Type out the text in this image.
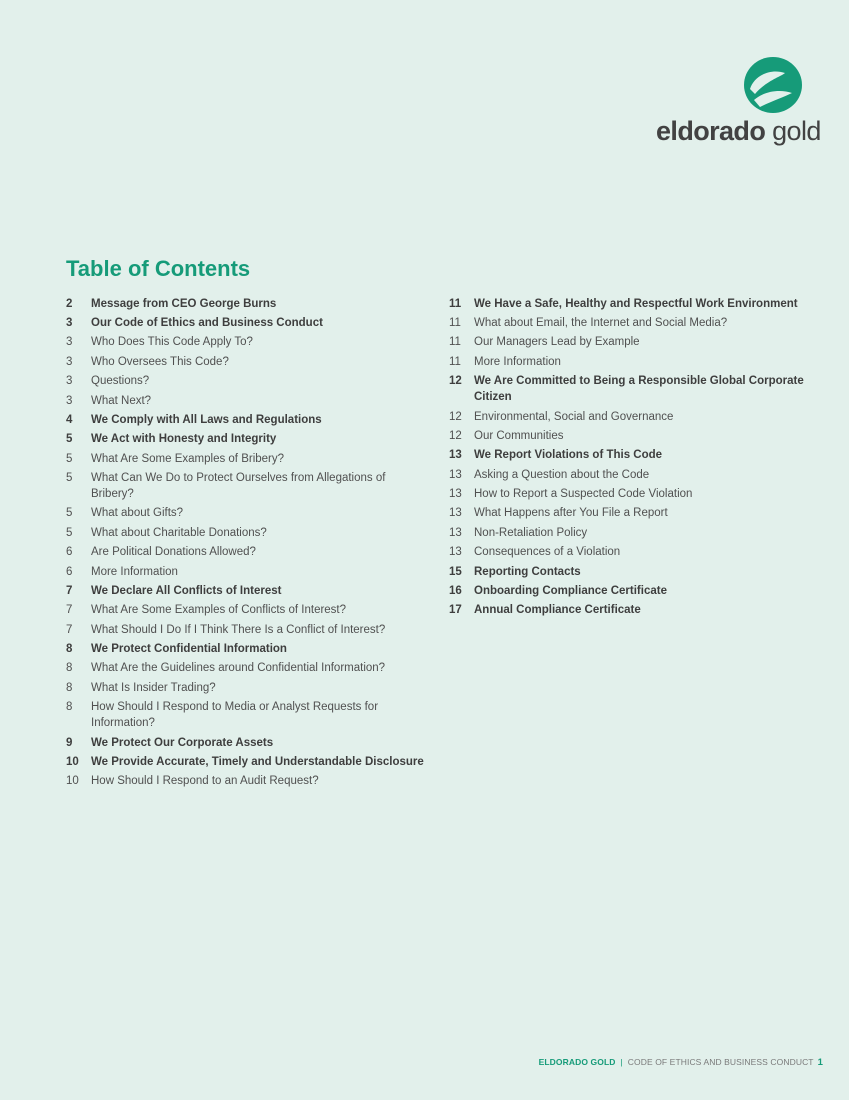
eldorado gold
Table of Contents
2	Message from CEO George Burns
3	Our Code of Ethics and Business Conduct
3	Who Does This Code Apply To?
3	Who Oversees This Code?
3	Questions?
3	What Next?
4	We Comply with All Laws and Regulations
5	We Act with Honesty and Integrity
5	What Are Some Examples of Bribery?
5	What Can We Do to Protect Ourselves from Allegations of Bribery?
5	What about Gifts?
5	What about Charitable Donations?
6	Are Political Donations Allowed?
6	More Information
7	We Declare All Conflicts of Interest
7	What Are Some Examples of Conflicts of Interest?
7	What Should I Do If I Think There Is a Conflict of Interest?
8	We Protect Confidential Information
8	What Are the Guidelines around Confidential Information?
8	What Is Insider Trading?
8	How Should I Respond to Media or Analyst Requests for Information?
9	We Protect Our Corporate Assets
10	We Provide Accurate, Timely and Understandable Disclosure
10	How Should I Respond to an Audit Request?
11	We Have a Safe, Healthy and Respectful Work Environment
11	What about Email, the Internet and Social Media?
11	Our Managers Lead by Example
11	More Information
12	We Are Committed to Being a Responsible Global Corporate Citizen
12	Environmental, Social and Governance
12	Our Communities
13	We Report Violations of This Code
13	Asking a Question about the Code
13	How to Report a Suspected Code Violation
13	What Happens after You File a Report
13	Non-Retaliation Policy
13	Consequences of a Violation
15	Reporting Contacts
16	Onboarding Compliance Certificate
17	Annual Compliance Certificate
ELDORADO GOLD | CODE OF ETHICS AND BUSINESS CONDUCT 1
